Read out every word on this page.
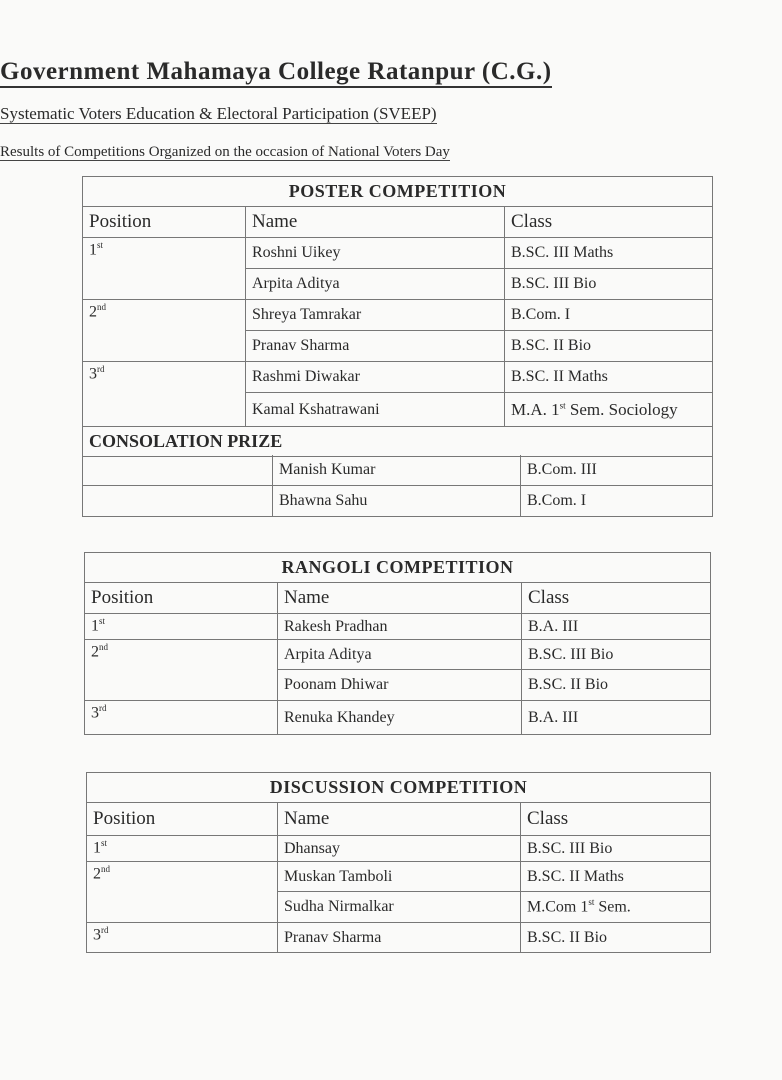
Government Mahamaya College Ratanpur (C.G.)
Systematic Voters Education & Electoral Participation (SVEEP)
Results of Competitions Organized on the occasion of National Voters Day
POSTER COMPETITION		
Position	Name	Class
1st	Roshni Uikey	B.SC. III Maths
	Arpita Aditya	B.SC. III Bio
2nd	Shreya Tamrakar	B.Com. I
	Pranav Sharma	B.SC. II Bio
3rd	Rashmi Diwakar	B.SC. II Maths
	Kamal Kshatrawani	M.A. 1st Sem. Sociology
CONSOLATION PRIZE		
	Manish Kumar	B.Com. III
	Bhawna Sahu	B.Com. I
RANGOLI COMPETITION		
Position	Name	Class
1st	Rakesh Pradhan	B.A. III
2nd	Arpita Aditya	B.SC. III Bio
	Poonam Dhiwar	B.SC. II Bio
3rd	Renuka Khandey	B.A. III
DISCUSSION COMPETITION		
Position	Name	Class
1st	Dhansay	B.SC. III Bio
2nd	Muskan Tamboli	B.SC. II Maths
	Sudha Nirmalkar	M.Com 1st Sem.
3rd	Pranav Sharma	B.SC. II Bio
